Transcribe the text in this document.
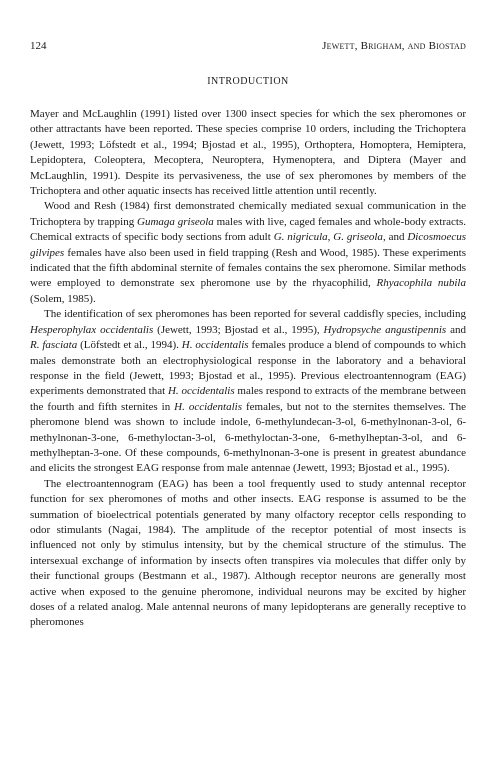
124	Jewett, Brigham, and Biostad
INTRODUCTION

Mayer and McLaughlin (1991) listed over 1300 insect species for which the sex pheromones or other attractants have been reported. These species comprise 10 orders, including the Trichoptera (Jewett, 1993; Löfstedt et al., 1994; Bjostad et al., 1995), Orthoptera, Homoptera, Hemiptera, Lepidoptera, Coleoptera, Mecoptera, Neuroptera, Hymenoptera, and Diptera (Mayer and McLaughlin, 1991). Despite its pervasiveness, the use of sex pheromones by members of the Trichoptera and other aquatic insects has received little attention until recently.

Wood and Resh (1984) first demonstrated chemically mediated sexual communication in the Trichoptera by trapping Gumaga griseola males with live, caged females and whole-body extracts. Chemical extracts of specific body sections from adult G. nigricula, G. griseola, and Dicosmoecus gilvipes females have also been used in field trapping (Resh and Wood, 1985). These experiments indicated that the fifth abdominal sternite of females contains the sex pheromone. Similar methods were employed to demonstrate sex pheromone use by the rhyacophilid, Rhyacophila nubila (Solem, 1985).

The identification of sex pheromones has been reported for several caddisfly species, including Hesperophylax occidentalis (Jewett, 1993; Bjostad et al., 1995), Hydropsyche angustipennis and R. fasciata (Löfstedt et al., 1994). H. occidentalis females produce a blend of compounds to which males demonstrate both an electrophysiological response in the laboratory and a behavioral response in the field (Jewett, 1993; Bjostad et al., 1995). Previous electroantennogram (EAG) experiments demonstrated that H. occidentalis males respond to extracts of the membrane between the fourth and fifth sternites in H. occidentalis females, but not to the sternites themselves. The pheromone blend was shown to include indole, 6-methylundecan-3-ol, 6-methylnonan-3-ol, 6-methylnonan-3-one, 6-methyloctan-3-ol, 6-methyloctan-3-one, 6-methylheptan-3-ol, and 6-methylheptan-3-one. Of these compounds, 6-methylnonan-3-one is present in greatest abundance and elicits the strongest EAG response from male antennae (Jewett, 1993; Bjostad et al., 1995).

The electroantennogram (EAG) has been a tool frequently used to study antennal receptor function for sex pheromones of moths and other insects. EAG response is assumed to be the summation of bioelectrical potentials generated by many olfactory receptor cells responding to odor stimulants (Nagai, 1984). The amplitude of the receptor potential of most insects is influenced not only by stimulus intensity, but by the chemical structure of the stimulus. The intersexual exchange of information by insects often transpires via molecules that differ only by their functional groups (Bestmann et al., 1987). Although receptor neurons are generally most active when exposed to the genuine pheromone, individual neurons may be excited by higher doses of a related analog. Male antennal neurons of many lepidopterans are generally receptive to pheromones
